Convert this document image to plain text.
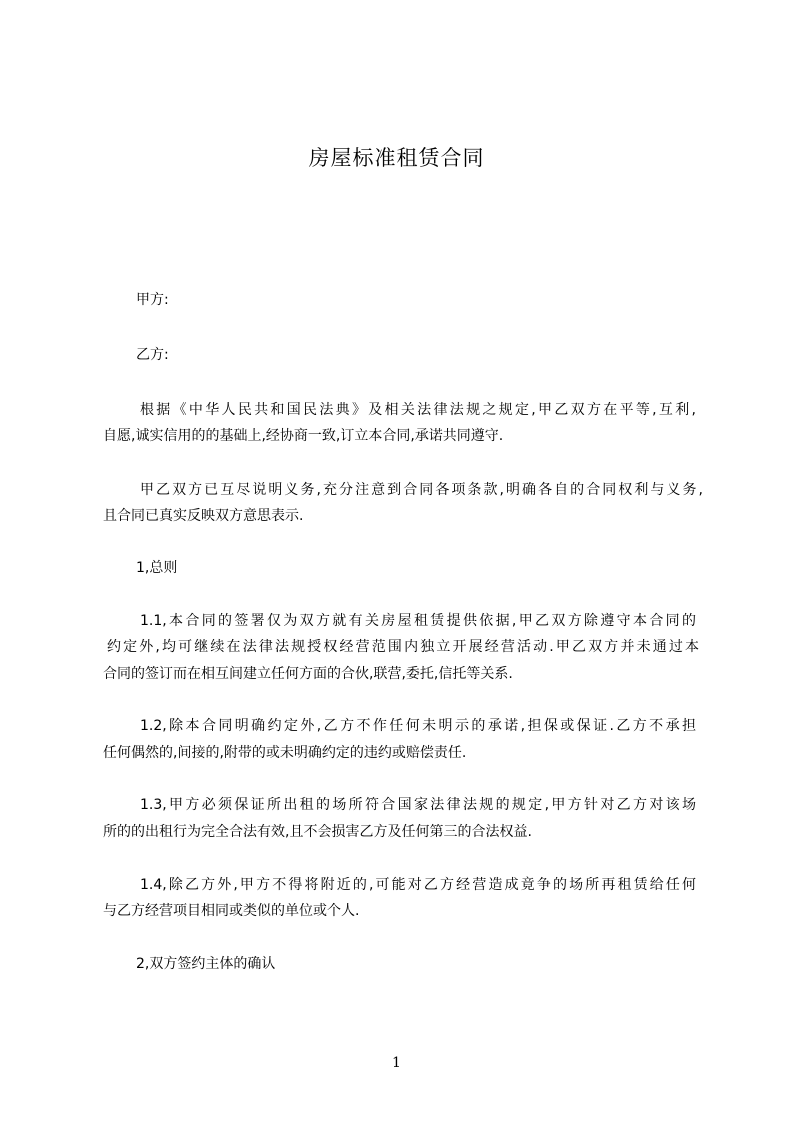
房屋标准租赁合同

甲方:

乙方:

根据《中华人民共和国民法典》及相关法律法规之规定,甲乙双方在平等,互利,

自愿,诚实信用的的基础上,经协商一致,订立本合同,承诺共同遵守.

甲乙双方已互尽说明义务,充分注意到合同各项条款,明确各自的合同权利与义务,

且合同已真实反映双方意思表示.

1,总则

1.1,本合同的签署仅为双方就有关房屋租赁提供依据,甲乙双方除遵守本合同的

约定外,均可继续在法律法规授权经营范围内独立开展经营活动.甲乙双方并未通过本

合同的签订而在相互间建立任何方面的合伙,联营,委托,信托等关系.

1.2,除本合同明确约定外,乙方不作任何未明示的承诺,担保或保证.乙方不承担

任何偶然的,间接的,附带的或未明确约定的违约或赔偿责任.

1.3,甲方必须保证所出租的场所符合国家法律法规的规定,甲方针对乙方对该场

所的的出租行为完全合法有效,且不会损害乙方及任何第三的合法权益.

1.4,除乙方外,甲方不得将附近的,可能对乙方经营造成竟争的场所再租赁给任何

与乙方经营项目相同或类似的单位或个人.

2,双方签约主体的确认

1
